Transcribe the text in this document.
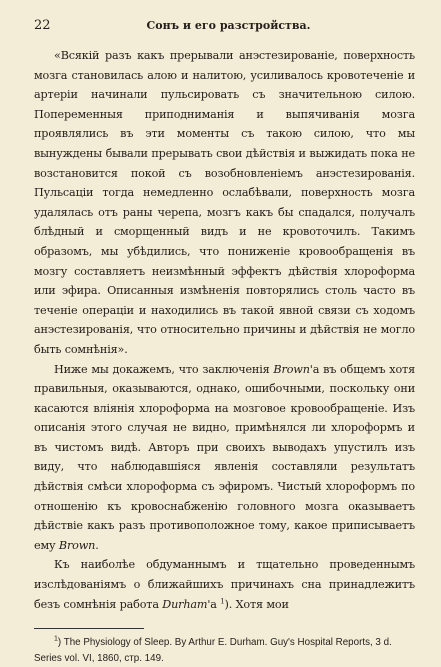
22	Сонъ и его разстройства.

«Всякій разъ какъ прерывали анэстезированіе, поверхность мозга становилась алою и налитою, усиливалось кровотеченіе и артеріи начинали пульсировать съ значительною силою. Попеременныя приподниманія и выпячиванія мозга проявлялись въ эти моменты съ такою силою, что мы вынуждены бывали прерывать свои дѣйствія и выжидать пока не возстановится покой съ возобновленіемъ анэстезированія. Пульсаціи тогда немедленно ослабѣвали, поверхность мозга удалялась отъ раны черепа, мозгъ какъ бы спадался, получалъ блѣдный и сморщенный видъ и не кровоточилъ. Такимъ образомъ, мы убѣдились, что пониженіе кровообращенія въ мозгу составляетъ неизмѣнный эффектъ дѣйствія хлороформа или эфира. Описанныя измѣненія повторялись столь часто въ теченіе операціи и находились въ такой явной связи съ ходомъ анэстезированія, что относительно причины и дѣйствія не могло быть сомнѣнія».

Ниже мы докажемъ, что заключенія Brown'а въ общемъ хотя правильныя, оказываются, однако, ошибочными, поскольку они касаются вліянія хлороформа на мозговое кровообращеніе. Изъ описанія этого случая не видно, примѣнялся ли хлороформъ и въ чистомъ видѣ. Авторъ при своихъ выводахъ упустилъ изъ виду, что наблюдавшіяся явленія составляли результатъ дѣйствія смѣси хлороформа съ эфиромъ. Чистый хлороформъ по отношенію къ кровоснабженію головного мозга оказываетъ дѣйствіе какъ разъ противоположное тому, какое приписываетъ ему Brown.

Къ наиболѣе обдуманнымъ и тщательно проведеннымъ изслѣдованіямъ о ближайшихъ причинахъ сна принадлежитъ безъ сомнѣнія работа Durham'а $^1$). Хотя мои

$^1$) The Physiology of Sleep. By Arthur E. Durham. Guy's Hospital Reports, 3 d. Series vol. VI, 1860, стр. 149.
